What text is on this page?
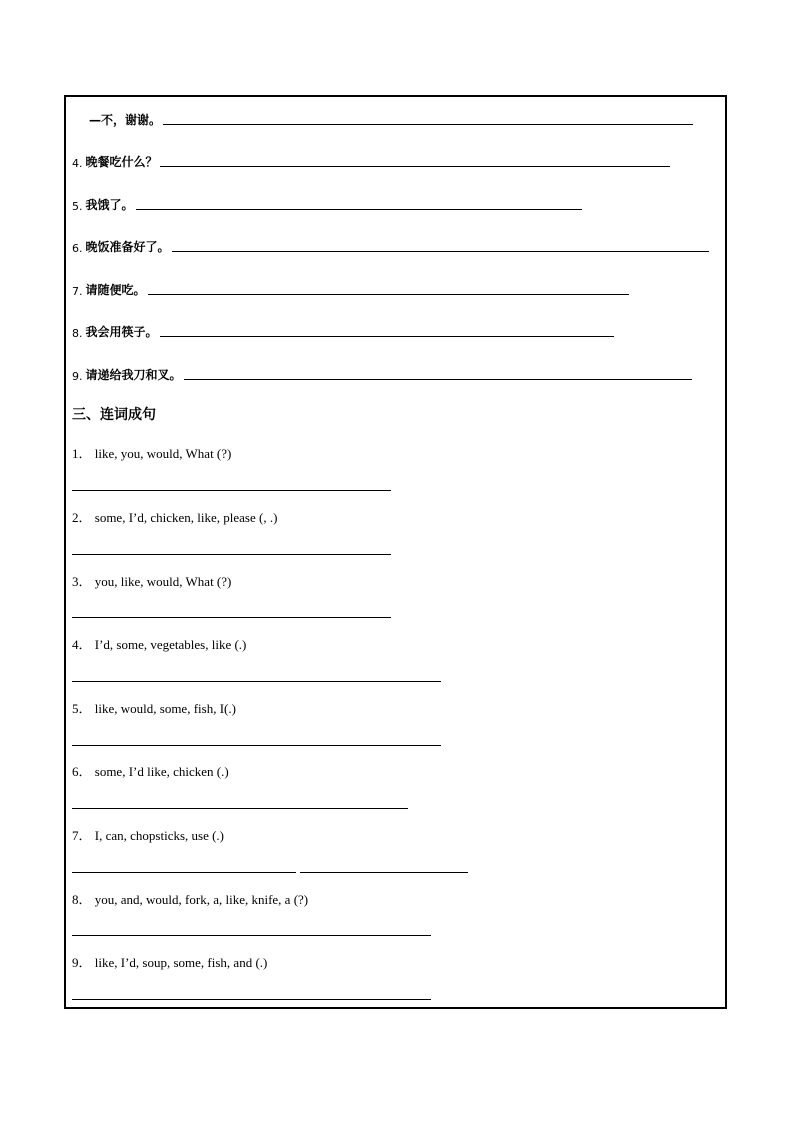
—不，谢谢。
4. 晚餐吃什么？
5. 我饿了。
6. 晚饭准备好了。
7. 请随便吃。
8. 我会用筷子。
9. 请递给我刀和叉。
三、连词成句
1． like, you, would, What (?)
2． some, I’d, chicken, like, please (, .)
3． you, like, would, What (?)
4． I’d, some, vegetables, like (.)
5． like, would, some, fish, I(.)
6． some, I’d like, chicken (.)
7． I, can, chopsticks, use (.)
8． you, and, would, fork, a, like, knife, a (?)
9． like, I’d, soup, some, fish, and (.)
